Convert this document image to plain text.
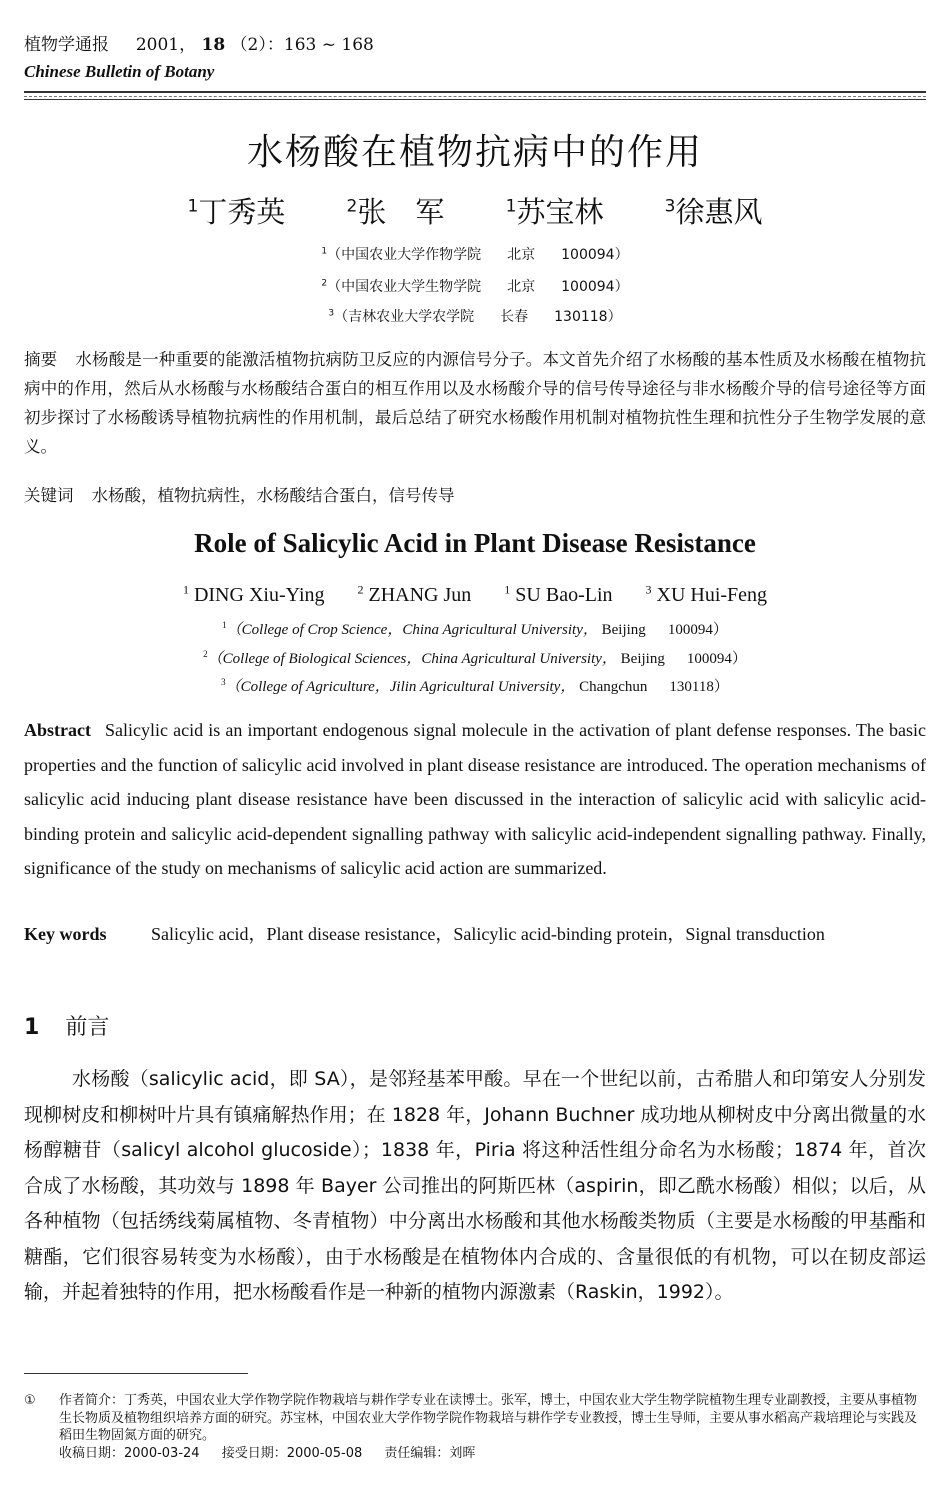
植物学通报 2001， 18 （2）：163 ~ 168
Chinese Bulletin of Botany
水杨酸在植物抗病中的作用
$^1$丁秀英	$^2$张　军	$^1$苏宝林	$^3$徐惠风
$^1$（中国农业大学作物学院 北京 100094）
$^2$（中国农业大学生物学院 北京 100094）
$^3$（吉林农业大学农学院 长春 130118）
摘要 水杨酸是一种重要的能激活植物抗病防卫反应的内源信号分子。本文首先介绍了水杨酸的基本性质及水杨酸在植物抗病中的作用，然后从水杨酸与水杨酸结合蛋白的相互作用以及水杨酸介导的信号传导途径与非水杨酸介导的信号途径等方面初步探讨了水杨酸诱导植物抗病性的作用机制，最后总结了研究水杨酸作用机制对植物抗性生理和抗性分子生物学发展的意义。
关键词 水杨酸，植物抗病性，水杨酸结合蛋白，信号传导
Role of Salicylic Acid in Plant Disease Resistance
$^1$ DING Xiu-Ying	$^2$ ZHANG Jun	$^1$ SU Bao-Lin	$^3$ XU Hui-Feng
$^1$（College of Crop Science，China Agricultural University， Beijing 100094）
$^2$（College of Biological Sciences，China Agricultural University， Beijing 100094）
$^3$（College of Agriculture，Jilin Agricultural University， Changchun 130118）
Abstract Salicylic acid is an important endogenous signal molecule in the activation of plant defense responses. The basic properties and the function of salicylic acid involved in plant disease resistance are introduced. The operation mechanisms of salicylic acid inducing plant disease resistance have been discussed in the interaction of salicylic acid with salicylic acid-binding protein and salicylic acid-dependent signalling pathway with salicylic acid-independent signalling pathway. Finally, significance of the study on mechanisms of salicylic acid action are summarized.
Key words Salicylic acid，Plant disease resistance，Salicylic acid-binding protein，Signal transduction
1 前言
水杨酸（salicylic acid，即 SA），是邻羟基苯甲酸。早在一个世纪以前，古希腊人和印第安人分别发现柳树皮和柳树叶片具有镇痛解热作用；在 1828 年，Johann Buchner 成功地从柳树皮中分离出微量的水杨醇糖苷（salicyl alcohol glucoside）；1838 年，Piria 将这种活性组分命名为水杨酸；1874 年，首次合成了水杨酸，其功效与 1898 年 Bayer 公司推出的阿斯匹林（aspirin，即乙酰水杨酸）相似；以后，从各种植物（包括绣线菊属植物、冬青植物）中分离出水杨酸和其他水杨酸类物质（主要是水杨酸的甲基酯和糖酯，它们很容易转变为水杨酸），由于水杨酸是在植物体内合成的、含量很低的有机物，可以在韧皮部运输，并起着独特的作用，把水杨酸看作是一种新的植物内源激素（Raskin，1992）。
① 作者简介：丁秀英，中国农业大学作物学院作物栽培与耕作学专业在读博士。张军，博士，中国农业大学生物学院植物生理专业副教授，主要从事植物生长物质及植物组织培养方面的研究。苏宝林，中国农业大学作物学院作物栽培与耕作学专业教授，博士生导师，主要从事水稻高产栽培理论与实践及稻田生物固氮方面的研究。
收稿日期：2000-03-24 接受日期：2000-05-08 责任编辑：刘晖
